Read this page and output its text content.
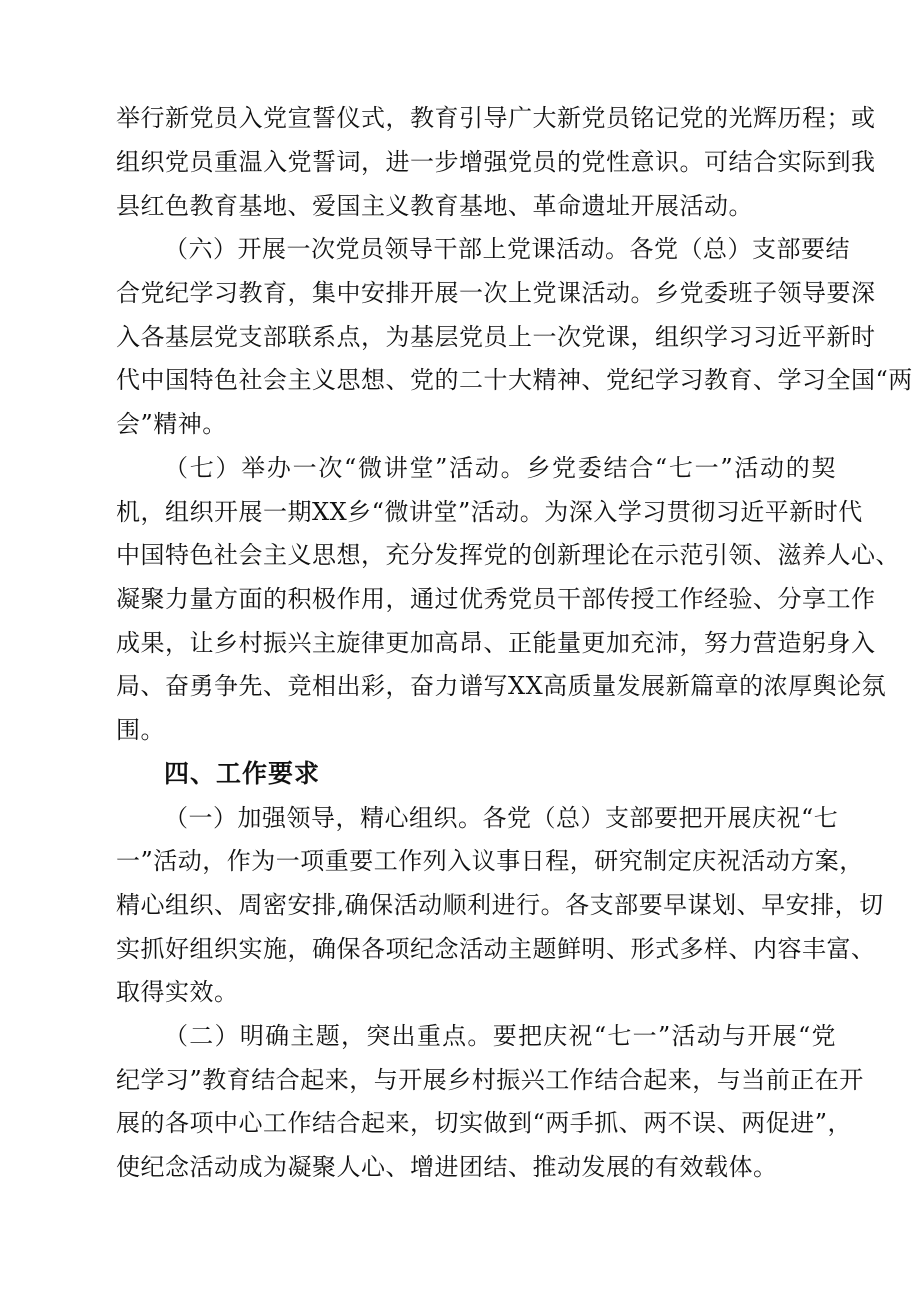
举行新党员入党宣誓仪式，教育引导广大新党员铭记党的光辉历程；或
组织党员重温入党誓词，进一步增强党员的党性意识。可结合实际到我
县红色教育基地、爱国主义教育基地、革命遗址开展活动。
（六）开展一次党员领导干部上党课活动。各党（总）支部要结
合党纪学习教育，集中安排开展一次上党课活动。乡党委班子领导要深
入各基层党支部联系点，为基层党员上一次党课，组织学习习近平新时
代中国特色社会主义思想、党的二十大精神、党纪学习教育、学习全国“两
会”精神。
（七）举办一次“微讲堂”活动。乡党委结合“七一”活动的契
机，组织开展一期XX乡“微讲堂”活动。为深入学习贯彻习近平新时代
中国特色社会主义思想，充分发挥党的创新理论在示范引领、滋养人心、
凝聚力量方面的积极作用，通过优秀党员干部传授工作经验、分享工作
成果，让乡村振兴主旋律更加高昂、正能量更加充沛，努力营造躬身入
局、奋勇争先、竞相出彩，奋力谱写XX高质量发展新篇章的浓厚舆论氛
围。
四、工作要求
（一）加强领导，精心组织。各党（总）支部要把开展庆祝“七
一”活动，作为一项重要工作列入议事日程，研究制定庆祝活动方案，
精心组织、周密安排,确保活动顺利进行。各支部要早谋划、早安排，切
实抓好组织实施，确保各项纪念活动主题鲜明、形式多样、内容丰富、
取得实效。
（二）明确主题，突出重点。要把庆祝“七一”活动与开展“党
纪学习”教育结合起来，与开展乡村振兴工作结合起来，与当前正在开
展的各项中心工作结合起来，切实做到“两手抓、两不误、两促进”，
使纪念活动成为凝聚人心、增进团结、推动发展的有效载体。
